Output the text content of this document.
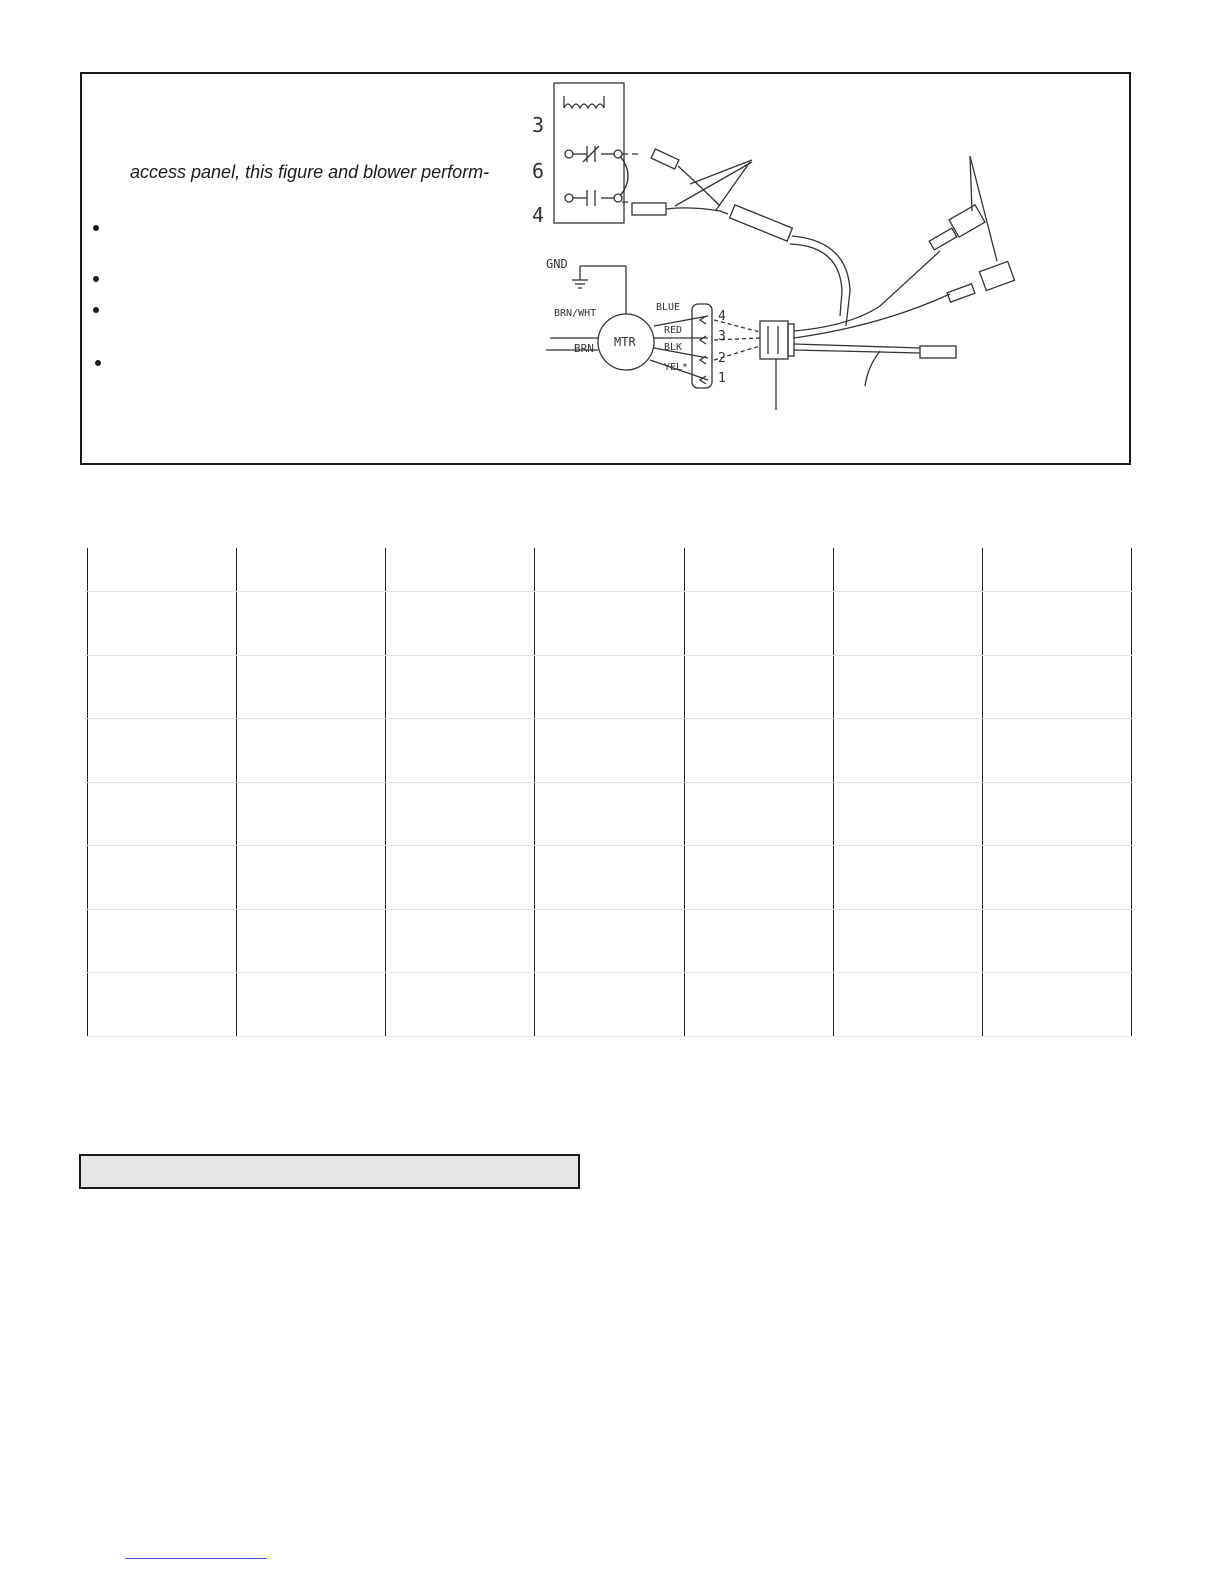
access panel, this figure and blower perform-
3
6
4
GND
BRN/WHT
BRN MTR
BLUE
RED
BLK
YEL*
4
3
2
1
